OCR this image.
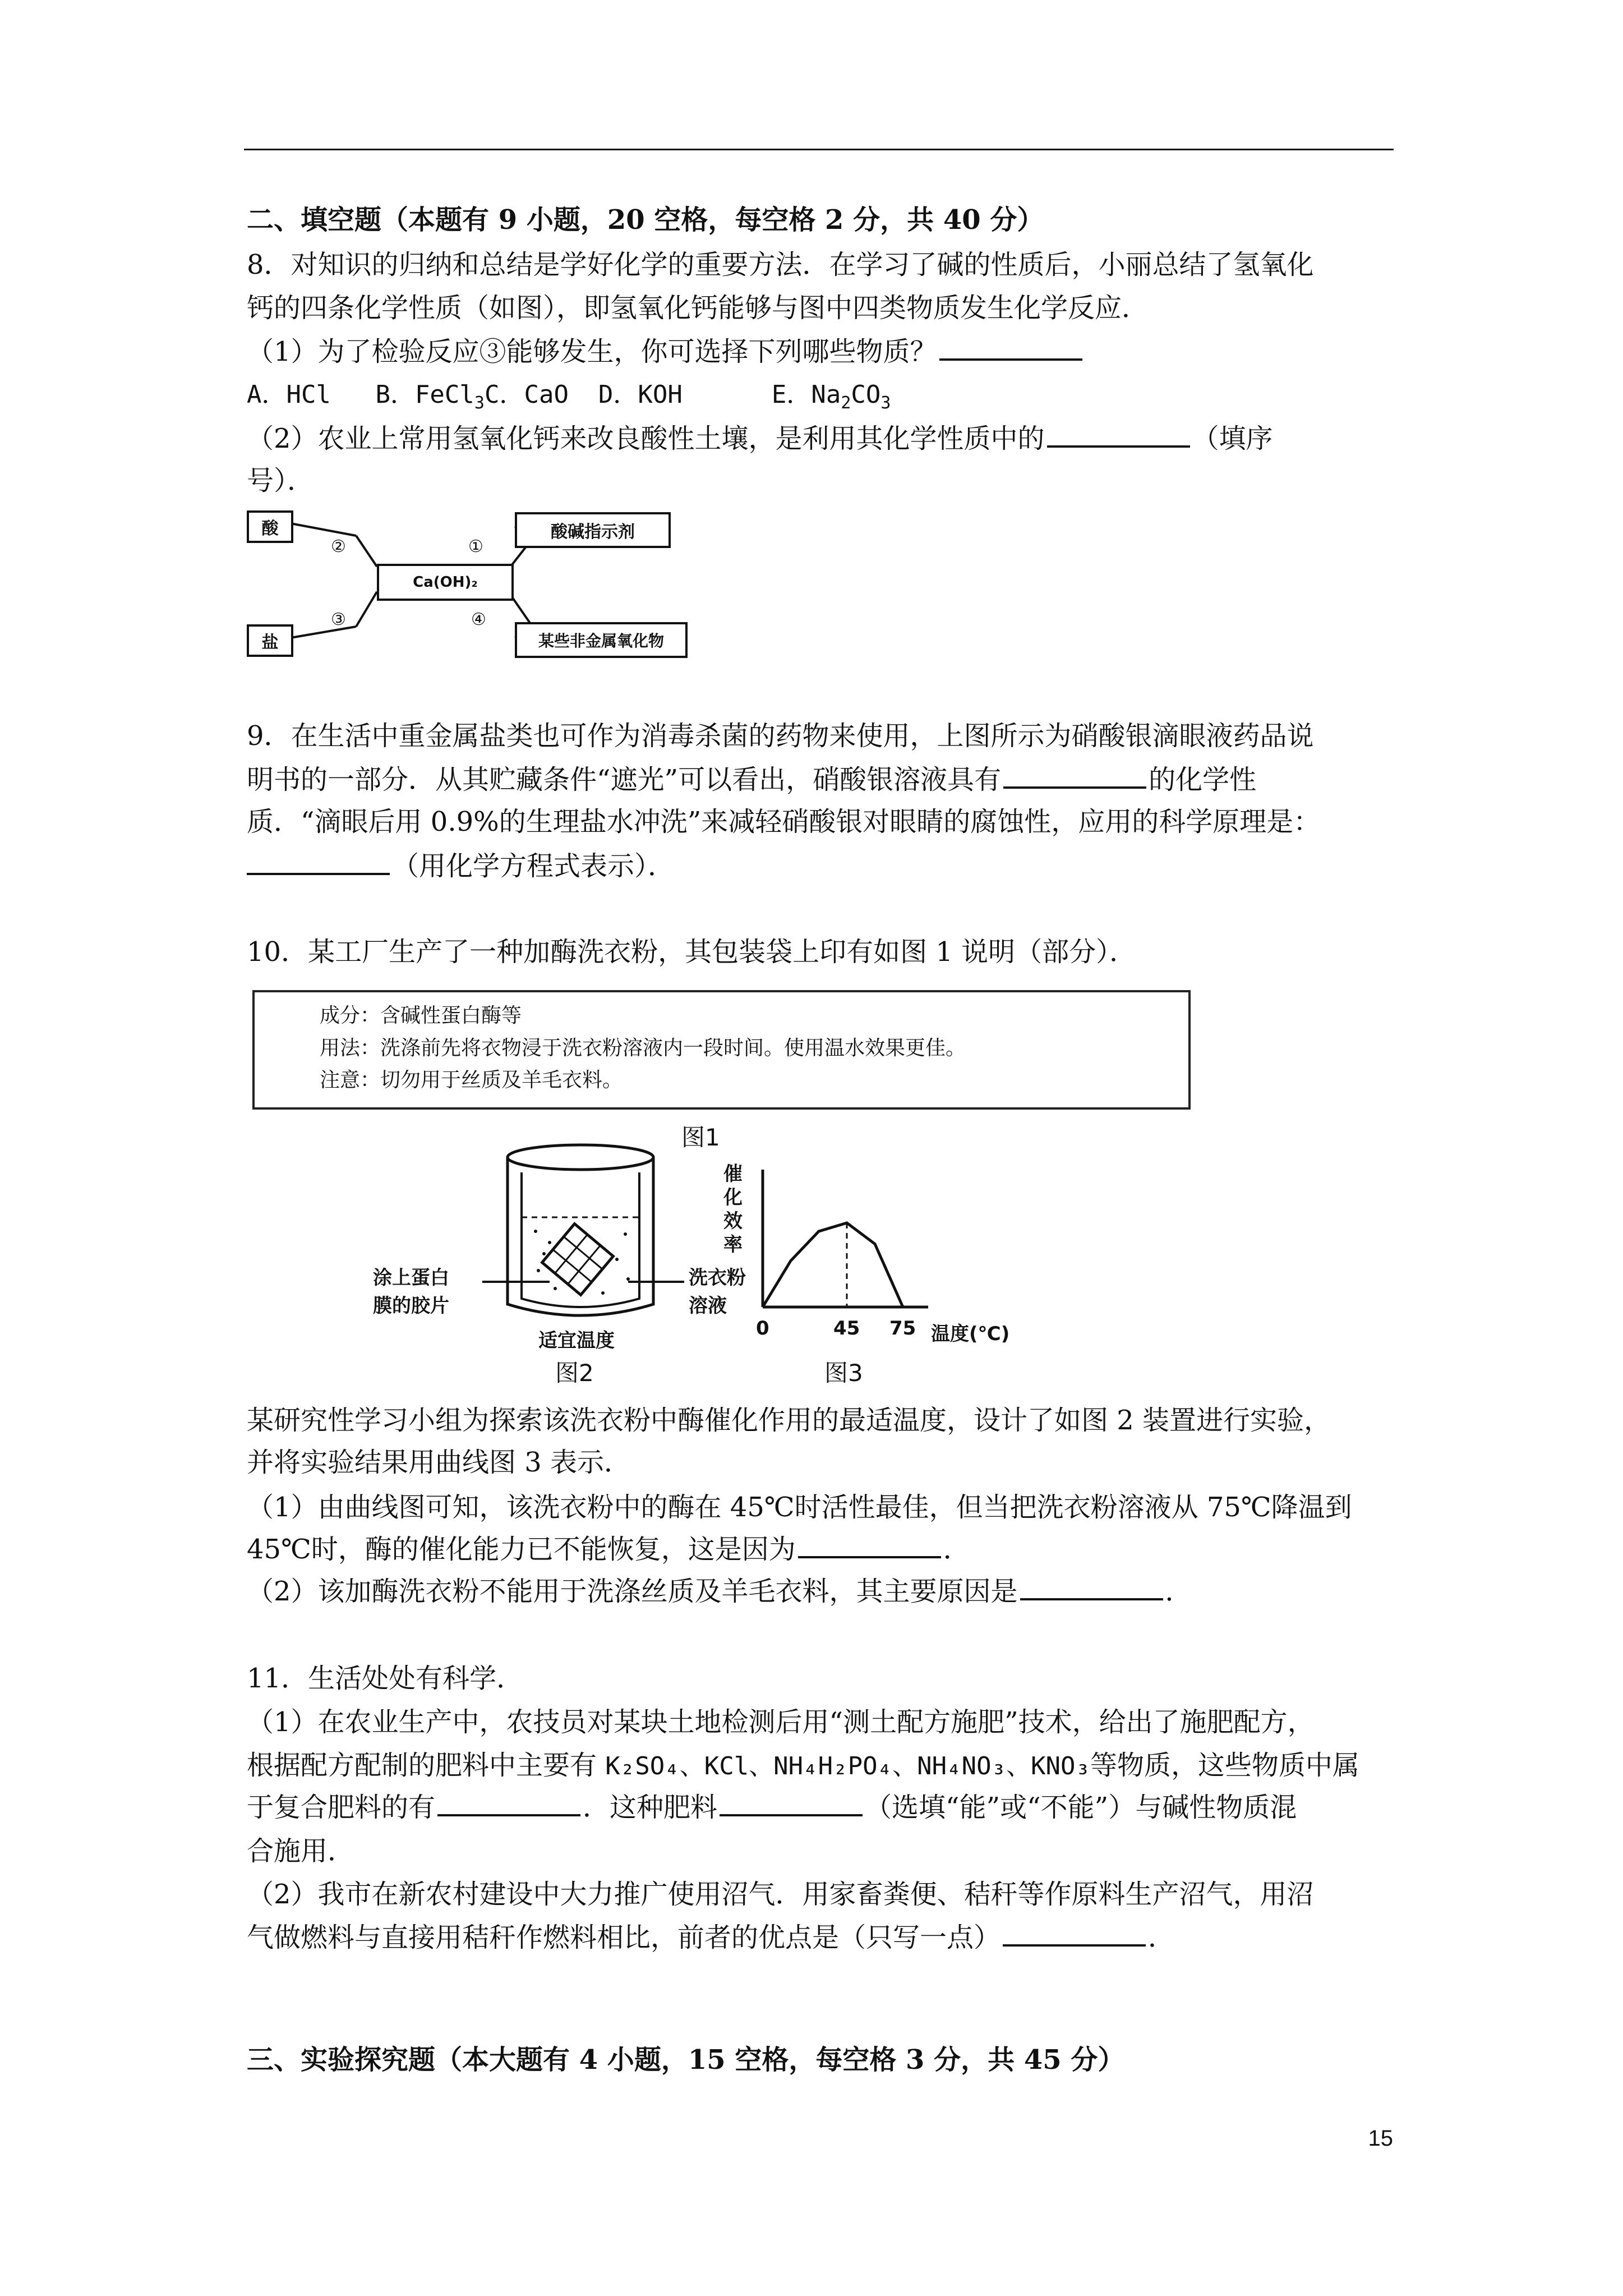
二、填空题（本题有 9 小题，20 空格，每空格 2 分，共 40 分）
8．对知识的归纳和总结是学好化学的重要方法．在学习了碱的性质后，小丽总结了氢氧化
钙的四条化学性质（如图），即氢氧化钙能够与图中四类物质发生化学反应．
（1）为了检验反应③能够发生，你可选择下列哪些物质？
A．HCl B．FeCl$_3$C．CaO D．KOH	E．$Na_2CO_3$
（2）农业上常用氢氧化钙来改良酸性土壤，是利用其化学性质中的	（填序
号）．
酸
盐
Ca(OH)₂
酸碱指示剂
某些非金属氧化物
②
③
①
④
9．在生活中重金属盐类也可作为消毒杀菌的药物来使用，上图所示为硝酸银滴眼液药品说
明书的一部分．从其贮藏条件“遮光”可以看出，硝酸银溶液具有	的化学性
质．“滴眼后用 0.9%的生理盐水冲洗”来减轻硝酸银对眼睛的腐蚀性，应用的科学原理是：
（用化学方程式表示）．
10．某工厂生产了一种加酶洗衣粉，其包装袋上印有如图 1 说明（部分）．
成分：含碱性蛋白酶等
用法：洗涤前先将衣物浸于洗衣粉溶液内一段时间。使用温水效果更佳。
注意：切勿用于丝质及羊毛衣料。
图1
涂上蛋白
膜的胶片
洗衣粉
溶液
适宜温度
图2
催
化
效
率
0	45 75 温度(℃)
图3
某研究性学习小组为探索该洗衣粉中酶催化作用的最适温度，设计了如图 2 装置进行实验，
并将实验结果用曲线图 3 表示．
（1）由曲线图可知，该洗衣粉中的酶在 45℃时活性最佳，但当把洗衣粉溶液从 75℃降温到
45℃时，酶的催化能力已不能恢复，这是因为	．
（2）该加酶洗衣粉不能用于洗涤丝质及羊毛衣料，其主要原因是	．
11．生活处处有科学．
（1）在农业生产中，农技员对某块土地检测后用“测土配方施肥”技术，给出了施肥配方，
根据配方配制的肥料中主要有 K₂SO₄、KCl、NH₄H₂PO₄、NH₄NO₃、KNO₃等物质，这些物质中属
于复合肥料的有	．这种肥料	（选填“能”或“不能”）与碱性物质混
合施用．
（2）我市在新农村建设中大力推广使用沼气．用家畜粪便、秸秆等作原料生产沼气，用沼
气做燃料与直接用秸秆作燃料相比，前者的优点是（只写一点）	．
三、实验探究题（本大题有 4 小题，15 空格，每空格 3 分，共 45 分）
15
